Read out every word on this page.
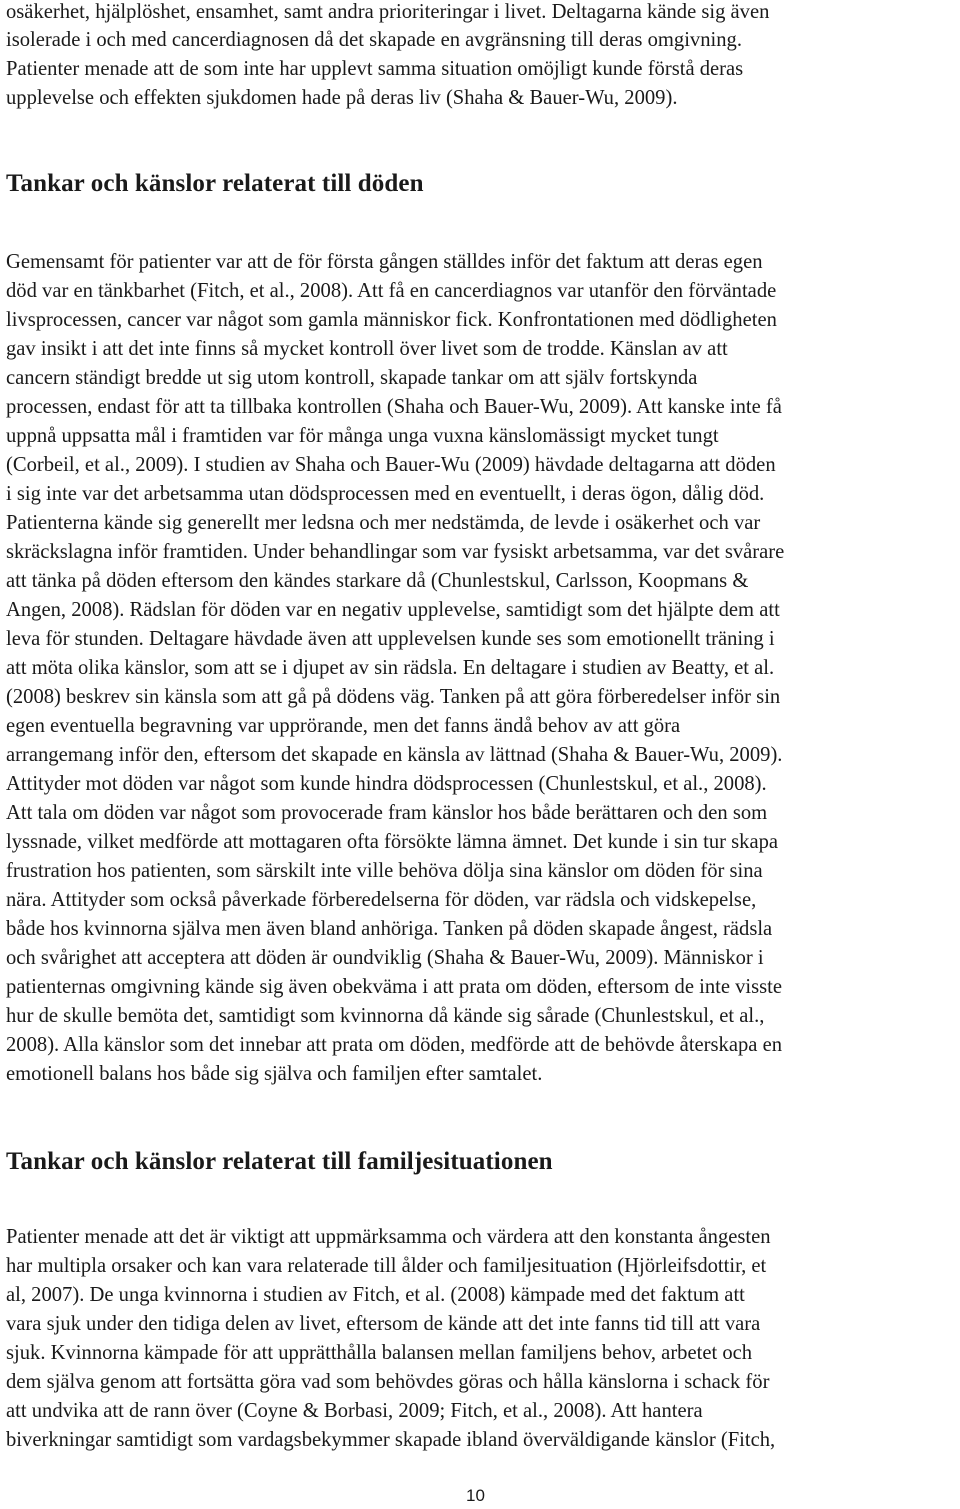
osäkerhet, hjälplöshet, ensamhet, samt andra prioriteringar i livet. Deltagarna kände sig även
isolerade i och med cancerdiagnosen då det skapade en avgränsning till deras omgivning.
Patienter menade att de som inte har upplevt samma situation omöjligt kunde förstå deras
upplevelse och effekten sjukdomen hade på deras liv (Shaha & Bauer-Wu, 2009).
Tankar och känslor relaterat till döden
Gemensamt för patienter var att de för första gången ställdes inför det faktum att deras egen
död var en tänkbarhet (Fitch, et al., 2008). Att få en cancerdiagnos var utanför den förväntade
livsprocessen, cancer var något som gamla människor fick. Konfrontationen med dödligheten
gav insikt i att det inte finns så mycket kontroll över livet som de trodde. Känslan av att
cancern ständigt bredde ut sig utom kontroll, skapade tankar om att själv fortskynda
processen, endast för att ta tillbaka kontrollen (Shaha och Bauer-Wu, 2009). Att kanske inte få
uppnå uppsatta mål i framtiden var för många unga vuxna känslomässigt mycket tungt
(Corbeil, et al., 2009). I studien av Shaha och Bauer-Wu (2009) hävdade deltagarna att döden
i sig inte var det arbetsamma utan dödsprocessen med en eventuellt, i deras ögon, dålig död.
Patienterna kände sig generellt mer ledsna och mer nedstämda, de levde i osäkerhet och var
skräckslagna inför framtiden. Under behandlingar som var fysiskt arbetsamma, var det svårare
att tänka på döden eftersom den kändes starkare då (Chunlestskul, Carlsson, Koopmans &
Angen, 2008). Rädslan för döden var en negativ upplevelse, samtidigt som det hjälpte dem att
leva för stunden. Deltagare hävdade även att upplevelsen kunde ses som emotionellt träning i
att möta olika känslor, som att se i djupet av sin rädsla. En deltagare i studien av Beatty, et al.
(2008) beskrev sin känsla som att gå på dödens väg. Tanken på att göra förberedelser inför sin
egen eventuella begravning var upprörande, men det fanns ändå behov av att göra
arrangemang inför den, eftersom det skapade en känsla av lättnad (Shaha & Bauer-Wu, 2009).
Attityder mot döden var något som kunde hindra dödsprocessen (Chunlestskul, et al., 2008).
Att tala om döden var något som provocerade fram känslor hos både berättaren och den som
lyssnade, vilket medförde att mottagaren ofta försökte lämna ämnet. Det kunde i sin tur skapa
frustration hos patienten, som särskilt inte ville behöva dölja sina känslor om döden för sina
nära. Attityder som också påverkade förberedelserna för döden, var rädsla och vidskepelse,
både hos kvinnorna själva men även bland anhöriga. Tanken på döden skapade ångest, rädsla
och svårighet att acceptera att döden är oundviklig (Shaha & Bauer-Wu, 2009). Människor i
patienternas omgivning kände sig även obekväma i att prata om döden, eftersom de inte visste
hur de skulle bemöta det, samtidigt som kvinnorna då kände sig sårade (Chunlestskul, et al.,
2008). Alla känslor som det innebar att prata om döden, medförde att de behövde återskapa en
emotionell balans hos både sig själva och familjen efter samtalet.
Tankar och känslor relaterat till familjesituationen
Patienter menade att det är viktigt att uppmärksamma och värdera att den konstanta ångesten
har multipla orsaker och kan vara relaterade till ålder och familjesituation (Hjörleifsdottir, et
al, 2007). De unga kvinnorna i studien av Fitch, et al. (2008) kämpade med det faktum att
vara sjuk under den tidiga delen av livet, eftersom de kände att det inte fanns tid till att vara
sjuk. Kvinnorna kämpade för att upprätthålla balansen mellan familjens behov, arbetet och
dem själva genom att fortsätta göra vad som behövdes göras och hålla känslorna i schack för
att undvika att de rann över (Coyne & Borbasi, 2009; Fitch, et al., 2008). Att hantera
biverkningar samtidigt som vardagsbekymmer skapade ibland överväldigande känslor (Fitch,
10
